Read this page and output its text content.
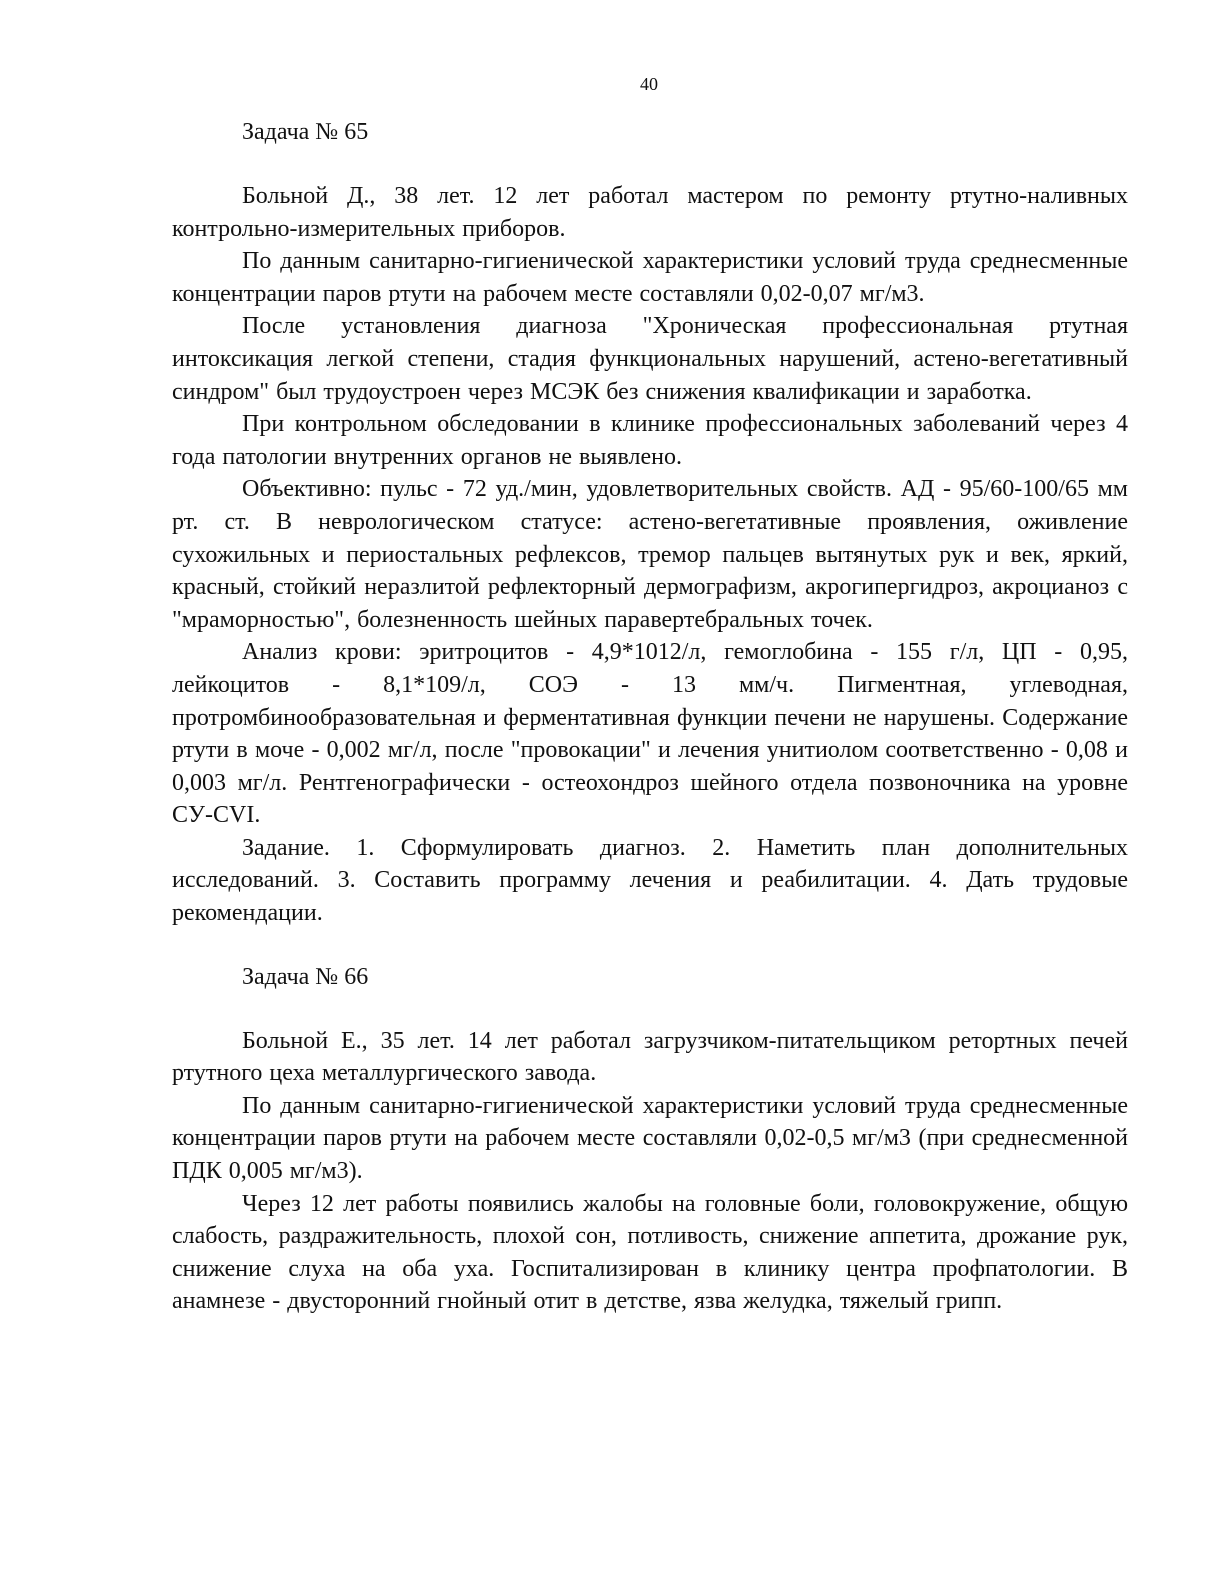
40
Задача № 65

Больной Д., 38 лет. 12 лет работал мастером по ремонту ртутно-наливных контрольно-измерительных приборов.

По данным санитарно-гигиенической характеристики условий труда среднесменные концентрации паров ртути на рабочем месте составляли 0,02-0,07 мг/м3.

После установления диагноза "Хроническая профессиональная ртутная интоксикация легкой степени, стадия функциональных нарушений, астено-вегетативный синдром" был трудоустроен через МСЭК без снижения квалификации и заработка.

При контрольном обследовании в клинике профессиональных заболеваний через 4 года патологии внутренних органов не выявлено.

Объективно: пульс - 72 уд./мин, удовлетворительных свойств. АД - 95/60-100/65 мм рт. ст. В неврологическом статусе: астено-вегетативные проявления, оживление сухожильных и периостальных рефлексов, тремор пальцев вытянутых рук и век, яркий, красный, стойкий неразлитой рефлекторный дермографизм, акрогипергидроз, акроцианоз с "мраморностью", болезненность шейных паравертебральных точек.

Анализ крови: эритроцитов - 4,9*1012/л, гемоглобина - 155 г/л, ЦП - 0,95, лейкоцитов - 8,1*109/л, СОЭ - 13 мм/ч. Пигментная, углеводная, протромбинообразовательная и ферментативная функции печени не нарушены. Содержание ртути в моче - 0,002 мг/л, после "провокации" и лечения унитиолом соответственно - 0,08 и 0,003 мг/л. Рентгенографически - остеохондроз шейного отдела позвоночника на уровне CУ-CVI.

Задание. 1. Сформулировать диагноз. 2. Наметить план дополнительных исследований. 3. Составить программу лечения и реабилитации. 4. Дать трудовые рекомендации.

Задача № 66

Больной Е., 35 лет. 14 лет работал загрузчиком-питательщиком ретортных печей ртутного цеха металлургического завода.

По данным санитарно-гигиенической характеристики условий труда среднесменные концентрации паров ртути на рабочем месте составляли 0,02-0,5 мг/м3 (при среднесменной ПДК 0,005 мг/м3).

Через 12 лет работы появились жалобы на головные боли, головокружение, общую слабость, раздражительность, плохой сон, потливость, снижение аппетита, дрожание рук, снижение слуха на оба уха. Госпитализирован в клинику центра профпатологии. В анамнезе - двусторонний гнойный отит в детстве, язва желудка, тяжелый грипп.
